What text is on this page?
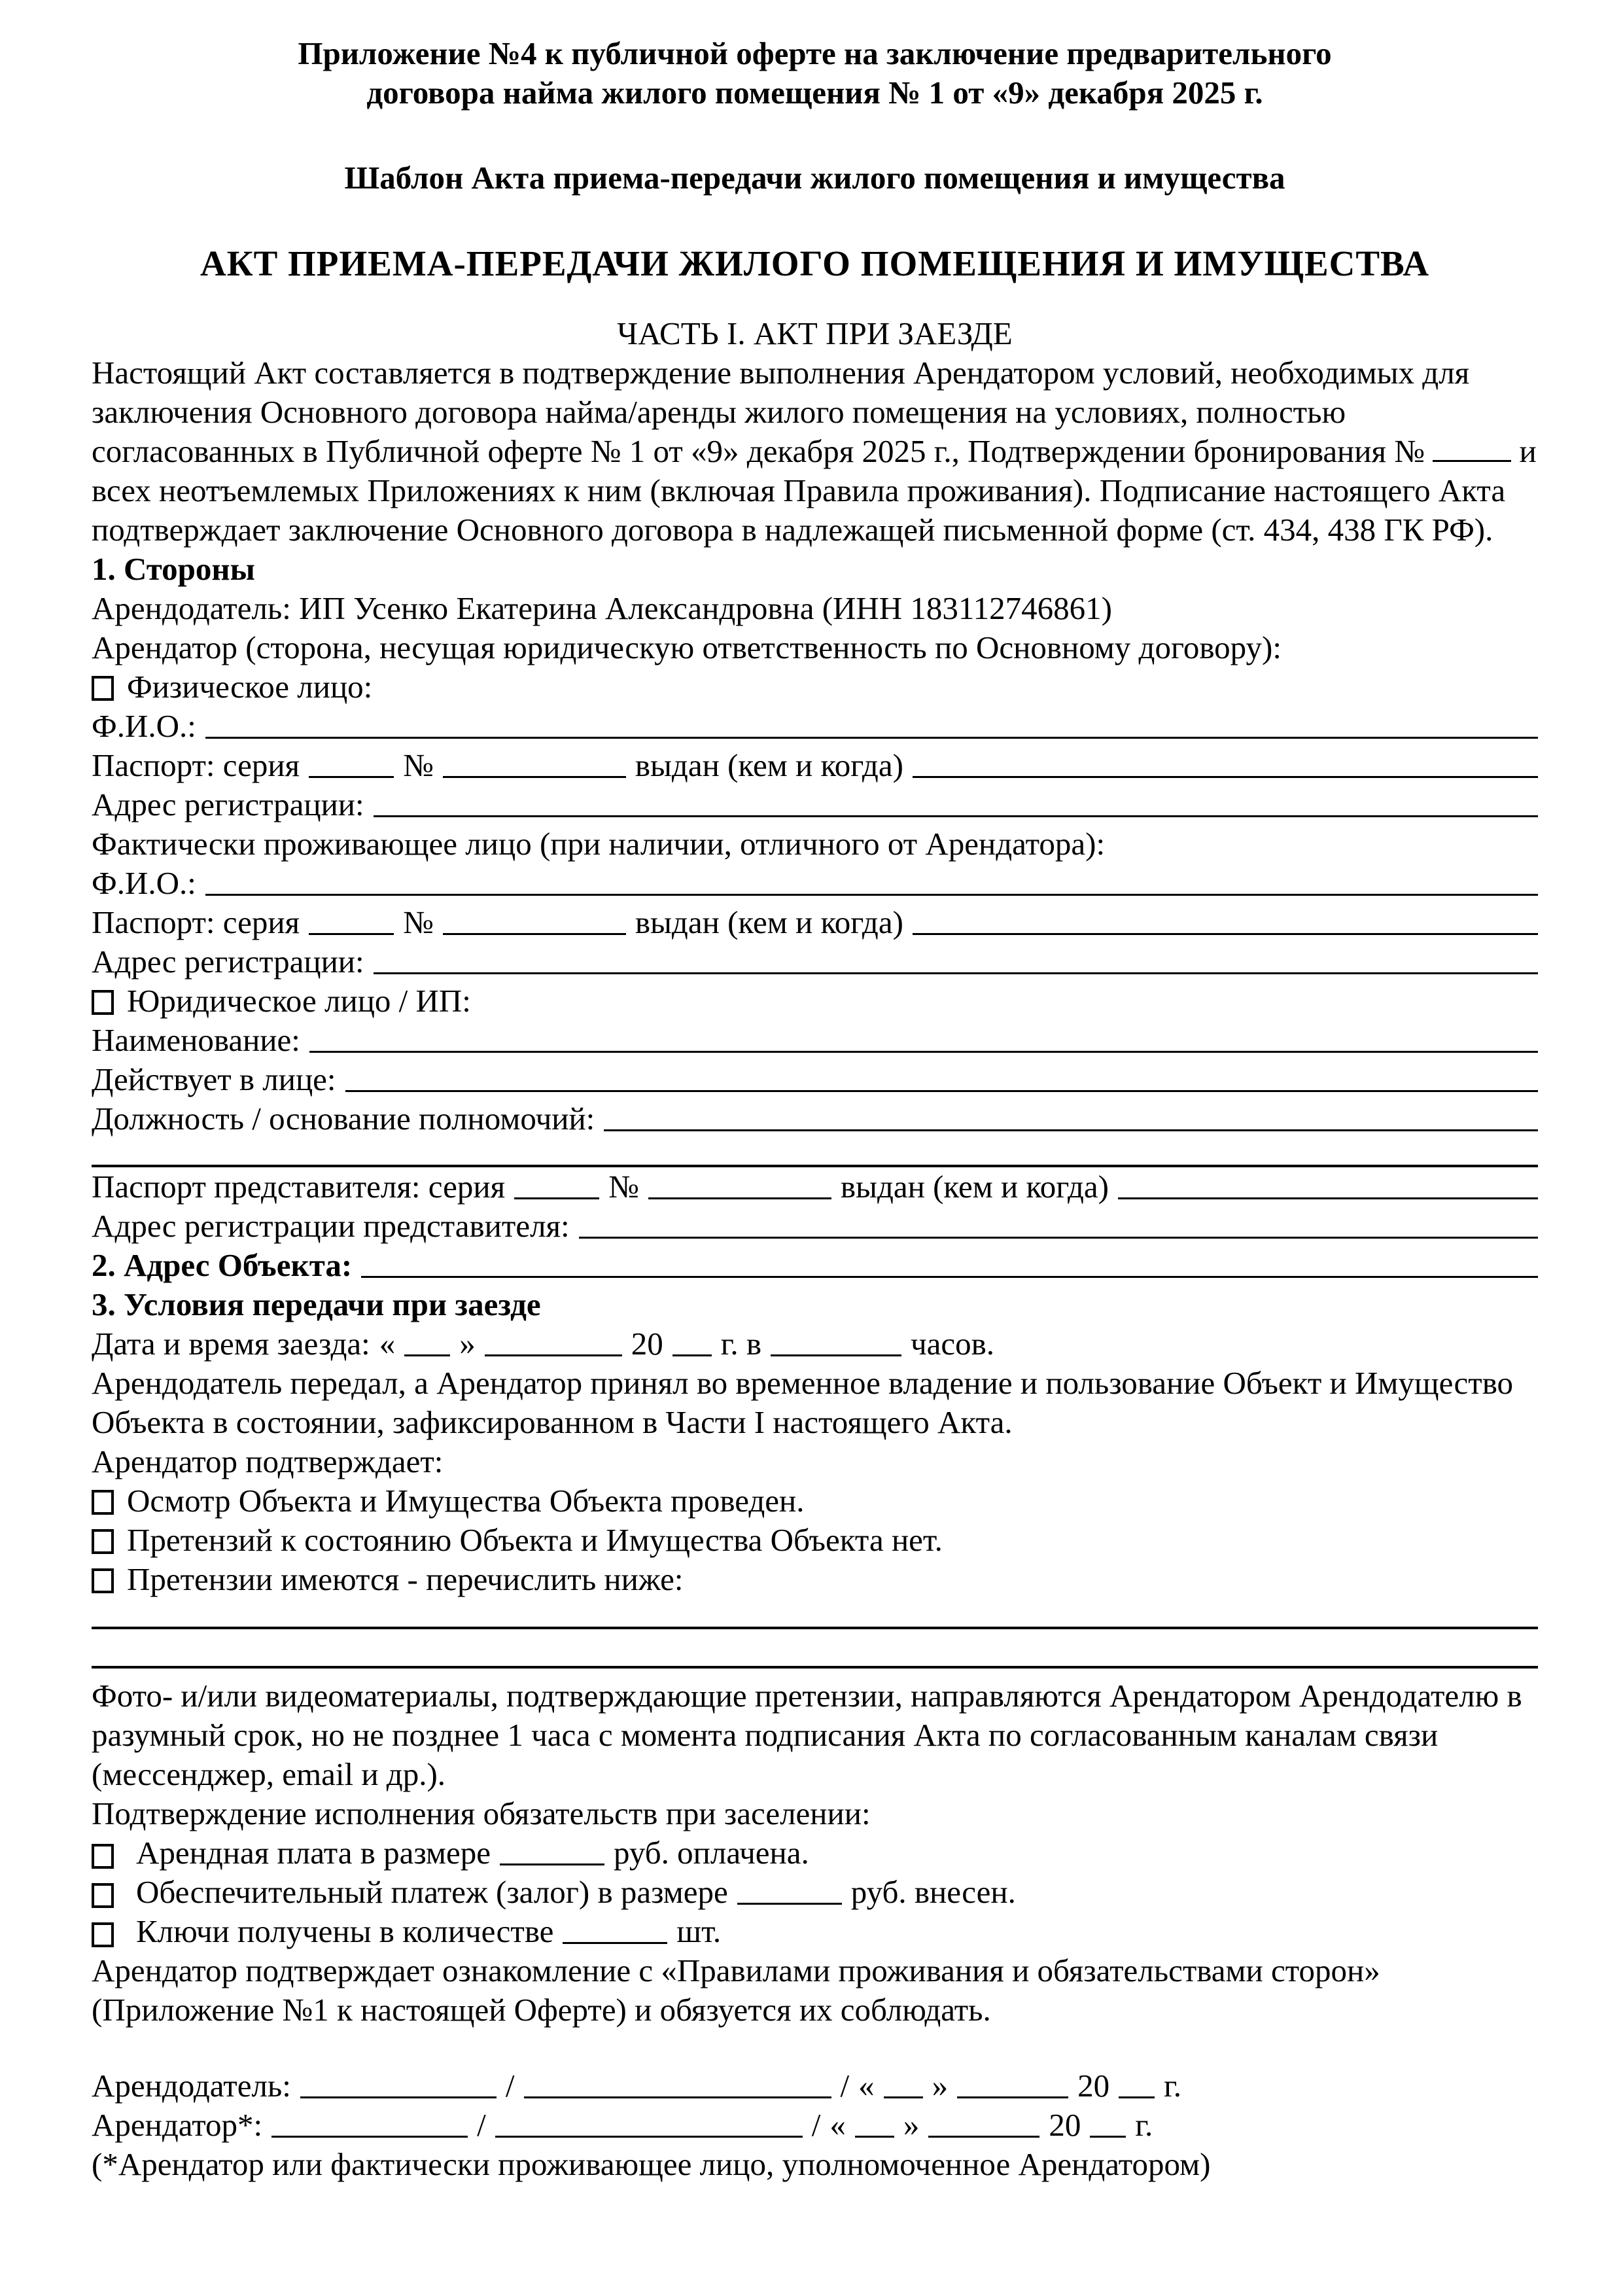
Приложение №4 к публичной оферте на заключение предварительного

договора найма жилого помещения № 1 от «9» декабря 2025 г.

Шаблон Акта приема-передачи жилого помещения и имущества

АКТ ПРИЕМА-ПЕРЕДАЧИ ЖИЛОГО ПОМЕЩЕНИЯ И ИМУЩЕСТВА

ЧАСТЬ I. АКТ ПРИ ЗАЕЗДЕ

Настоящий Акт составляется в подтверждение выполнения Арендатором условий, необходимых для заключения Основного договора найма/аренды жилого помещения на условиях, полностью согласованных в Публичной оферте № 1 от «9» декабря 2025 г., Подтверждении бронирования №	и всех неотъемлемых Приложениях к ним (включая Правила проживания). Подписание настоящего Акта подтверждает заключение Основного договора в надлежащей письменной форме (ст. 434, 438 ГК РФ).

1. Стороны

Арендодатель: ИП Усенко Екатерина Александровна (ИНН 183112746861)

Арендатор (сторона, несущая юридическую ответственность по Основному договору):

Физическое лицо:

Ф.И.О.:

Паспорт: серия	№	выдан (кем и когда)

Адрес регистрации:

Фактически проживающее лицо (при наличии, отличного от Арендатора):

Ф.И.О.:

Паспорт: серия	№	выдан (кем и когда)

Адрес регистрации:

Юридическое лицо / ИП:

Наименование:

Действует в лице:

Должность / основание полномочий:

Паспорт представителя: серия	№	выдан (кем и когда)

Адрес регистрации представителя:

2. Адрес Объекта:

3. Условия передачи при заезде

Дата и время заезда: « »	20 г. в	часов.

Арендодатель передал, а Арендатор принял во временное владение и пользование Объект и Имущество Объекта в состоянии, зафиксированном в Части I настоящего Акта.

Арендатор подтверждает:

Осмотр Объекта и Имущества Объекта проведен.

Претензий к состоянию Объекта и Имущества Объекта нет.

Претензии имеются - перечислить ниже:

Фото- и/или видеоматериалы, подтверждающие претензии, направляются Арендатором Арендодателю в разумный срок, но не позднее 1 часа с момента подписания Акта по согласованным каналам связи (мессенджер, email и др.).

Подтверждение исполнения обязательств при заселении:

Арендная плата в размере	руб. оплачена.

Обеспечительный платеж (залог) в размере	руб. внесен.

Ключи получены в количестве	шт.

Арендатор подтверждает ознакомление с «Правилами проживания и обязательствами сторон» (Приложение №1 к настоящей Оферте) и обязуется их соблюдать.

Арендодатель:	/	/ « »	20 г.

Арендатор*:	/	/ « »	20 г.

(*Арендатор или фактически проживающее лицо, уполномоченное Арендатором)
